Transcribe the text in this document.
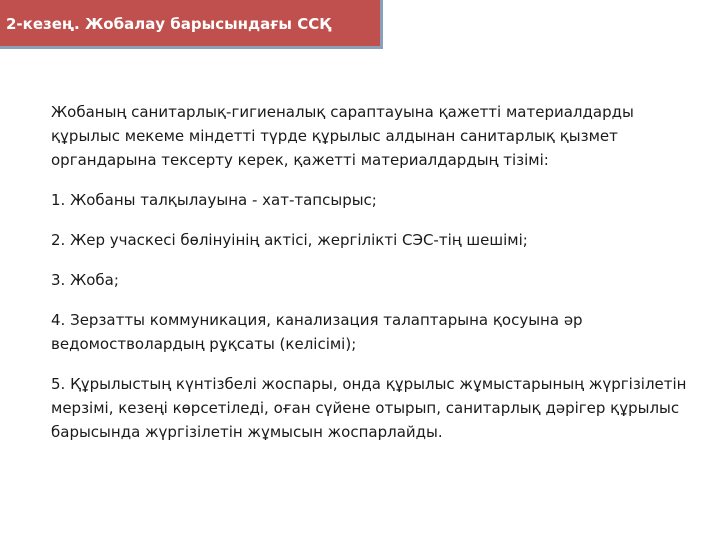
2-кезең. Жобалау барысындағы ССҚ

Жобаның санитарлық-гигиеналық сараптауына қажетті материалдарды құрылыс мекеме міндетті түрде құрылыс алдынан санитарлық қызмет органдарына тексерту керек, қажетті материалдардың тізімі:

1. Жобаны талқылауына - хат-тапсырыс;

2. Жер учаскесі бөлінуінің актісі, жергілікті СЭС-тің шешімі;

3. Жоба;

4. Зерзатты коммуникация, канализация талаптарына қосуына әр ведомостволардың рұқсаты (келісімі);

5. Құрылыстың күнтізбелі жоспары, онда құрылыс жұмыстарының жүргізілетін мерзімі, кезеңі көрсетіледі, оған сүйене отырып, санитарлық дәрігер құрылыс барысында жүргізілетін жұмысын жоспарлайды.
